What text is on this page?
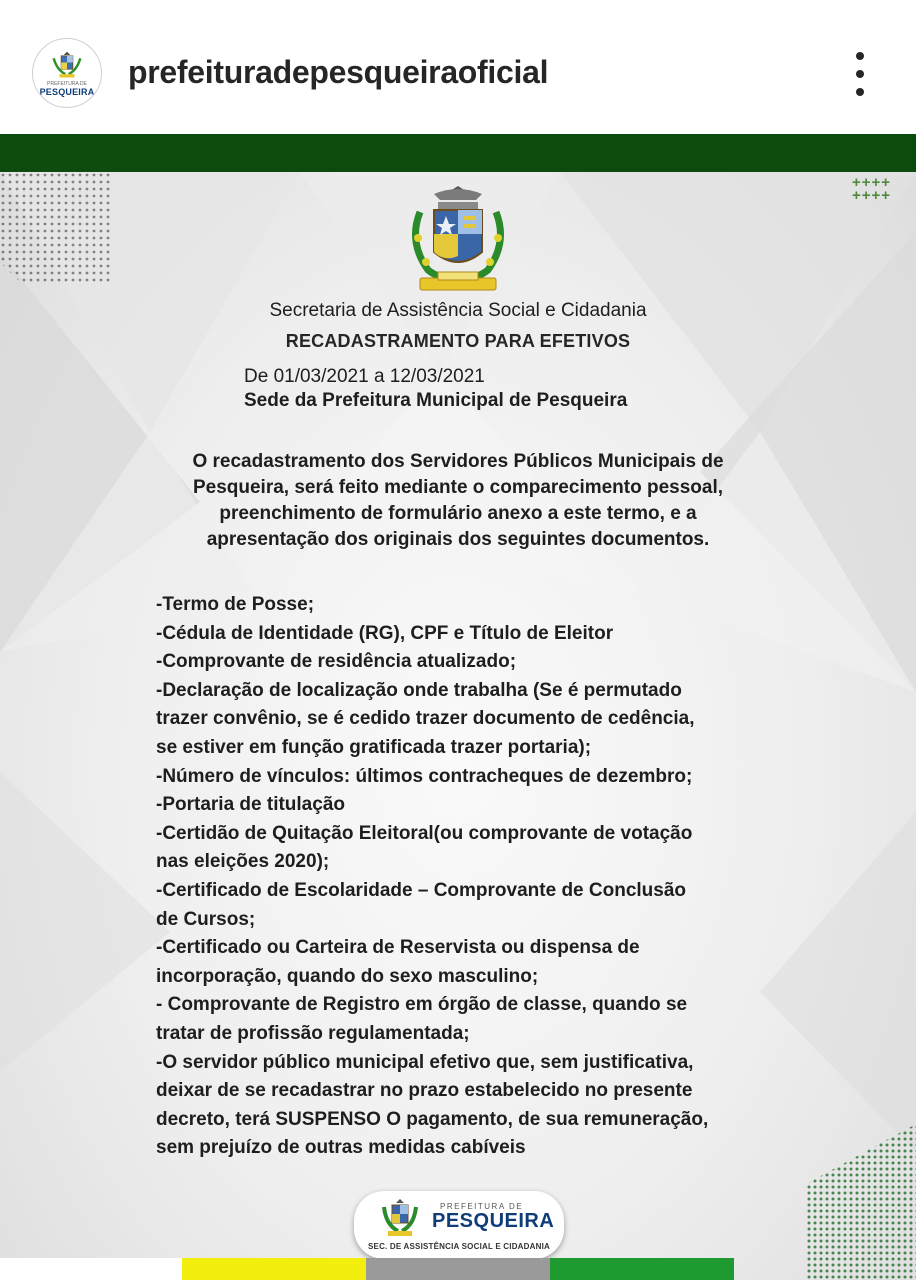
PREFEITURA DE
PESQUEIRA
prefeituradepesqueiraoficial
++++
++++
Secretaria de Assistência Social e Cidadania
RECADASTRAMENTO PARA EFETIVOS
De 01/03/2021 a 12/03/2021
Sede da Prefeitura Municipal de Pesqueira
O recadastramento dos Servidores Públicos Municipais de Pesqueira, será feito mediante o comparecimento pessoal, preenchimento de formulário anexo a este termo, e a apresentação dos originais dos seguintes documentos.
-Termo de Posse;
-Cédula de Identidade (RG), CPF e Título de Eleitor
-Comprovante de residência atualizado;
-Declaração de localização onde trabalha (Se é permutado
trazer convênio, se é cedido trazer documento de cedência,
se estiver em função gratificada trazer portaria);
-Número de vínculos: últimos contracheques de dezembro;
-Portaria de titulação
-Certidão de Quitação Eleitoral(ou comprovante de votação
nas eleições 2020);
-Certificado de Escolaridade – Comprovante de Conclusão
de Cursos;
-Certificado ou Carteira de Reservista ou dispensa de
incorporação, quando do sexo masculino;
- Comprovante de Registro em órgão de classe, quando se
tratar de profissão regulamentada;
-O servidor público municipal efetivo que, sem justificativa,
deixar de se recadastrar no prazo estabelecido no presente
decreto, terá SUSPENSO O pagamento, de sua remuneração,
sem prejuízo de outras medidas cabíveis
PREFEITURA DE
PESQUEIRA
SEC. DE ASSISTÊNCIA SOCIAL E CIDADANIA
